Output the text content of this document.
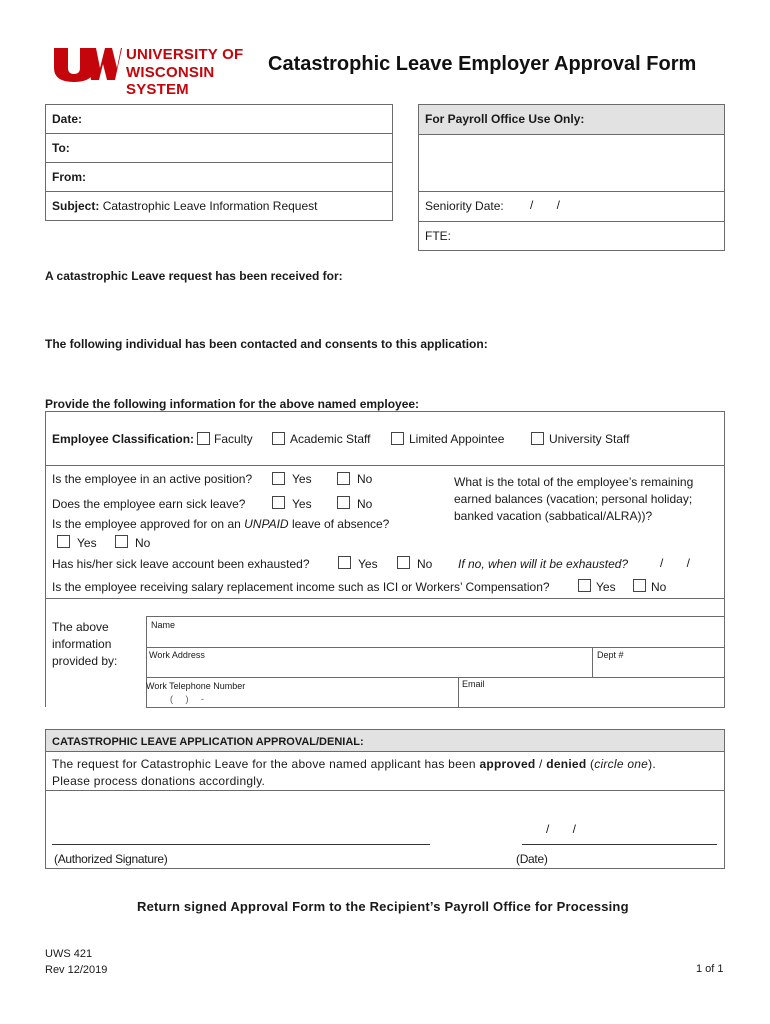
UNIVERSITY OF
WISCONSIN SYSTEM
Catastrophic Leave Employer Approval Form
Date:
To:
From:
Subject: Catastrophic Leave Information Request
For Payroll Office Use Only:
Seniority Date: /       /
FTE:
A catastrophic Leave request has been received for:
The following individual has been contacted and consents to this application:
Provide the following information for the above named employee:
Employee Classification: Faculty	Academic Staff	Limited Appointee	University Staff
Is the employee in an active position?	Yes	No
Does the employee earn sick leave?	Yes	No
Is the employee approved for on an UNPAID leave of absence?
Yes	No
What is the total of the employee’s remaining earned balances (vacation; personal holiday; banked vacation (sabbatical/ALRA))?
Has his/her sick leave account been exhausted?	Yes	No If no, when will it be exhausted?	/       /
Is the employee receiving salary replacement income such as ICI or Workers’ Compensation?	Yes	No
The above information provided by:
Name
Work Address	Dept #
Work Telephone Number
(     )     -
Email
CATASTROPHIC LEAVE APPLICATION APPROVAL/DENIAL:
The request for Catastrophic Leave for the above named applicant has been approved / denied (circle one).
Please process donations accordingly.
(Authorized Signature)
/       /
(Date)
Return signed Approval Form to the Recipient’s Payroll Office for Processing
UWS 421
Rev 12/2019	1 of 1
